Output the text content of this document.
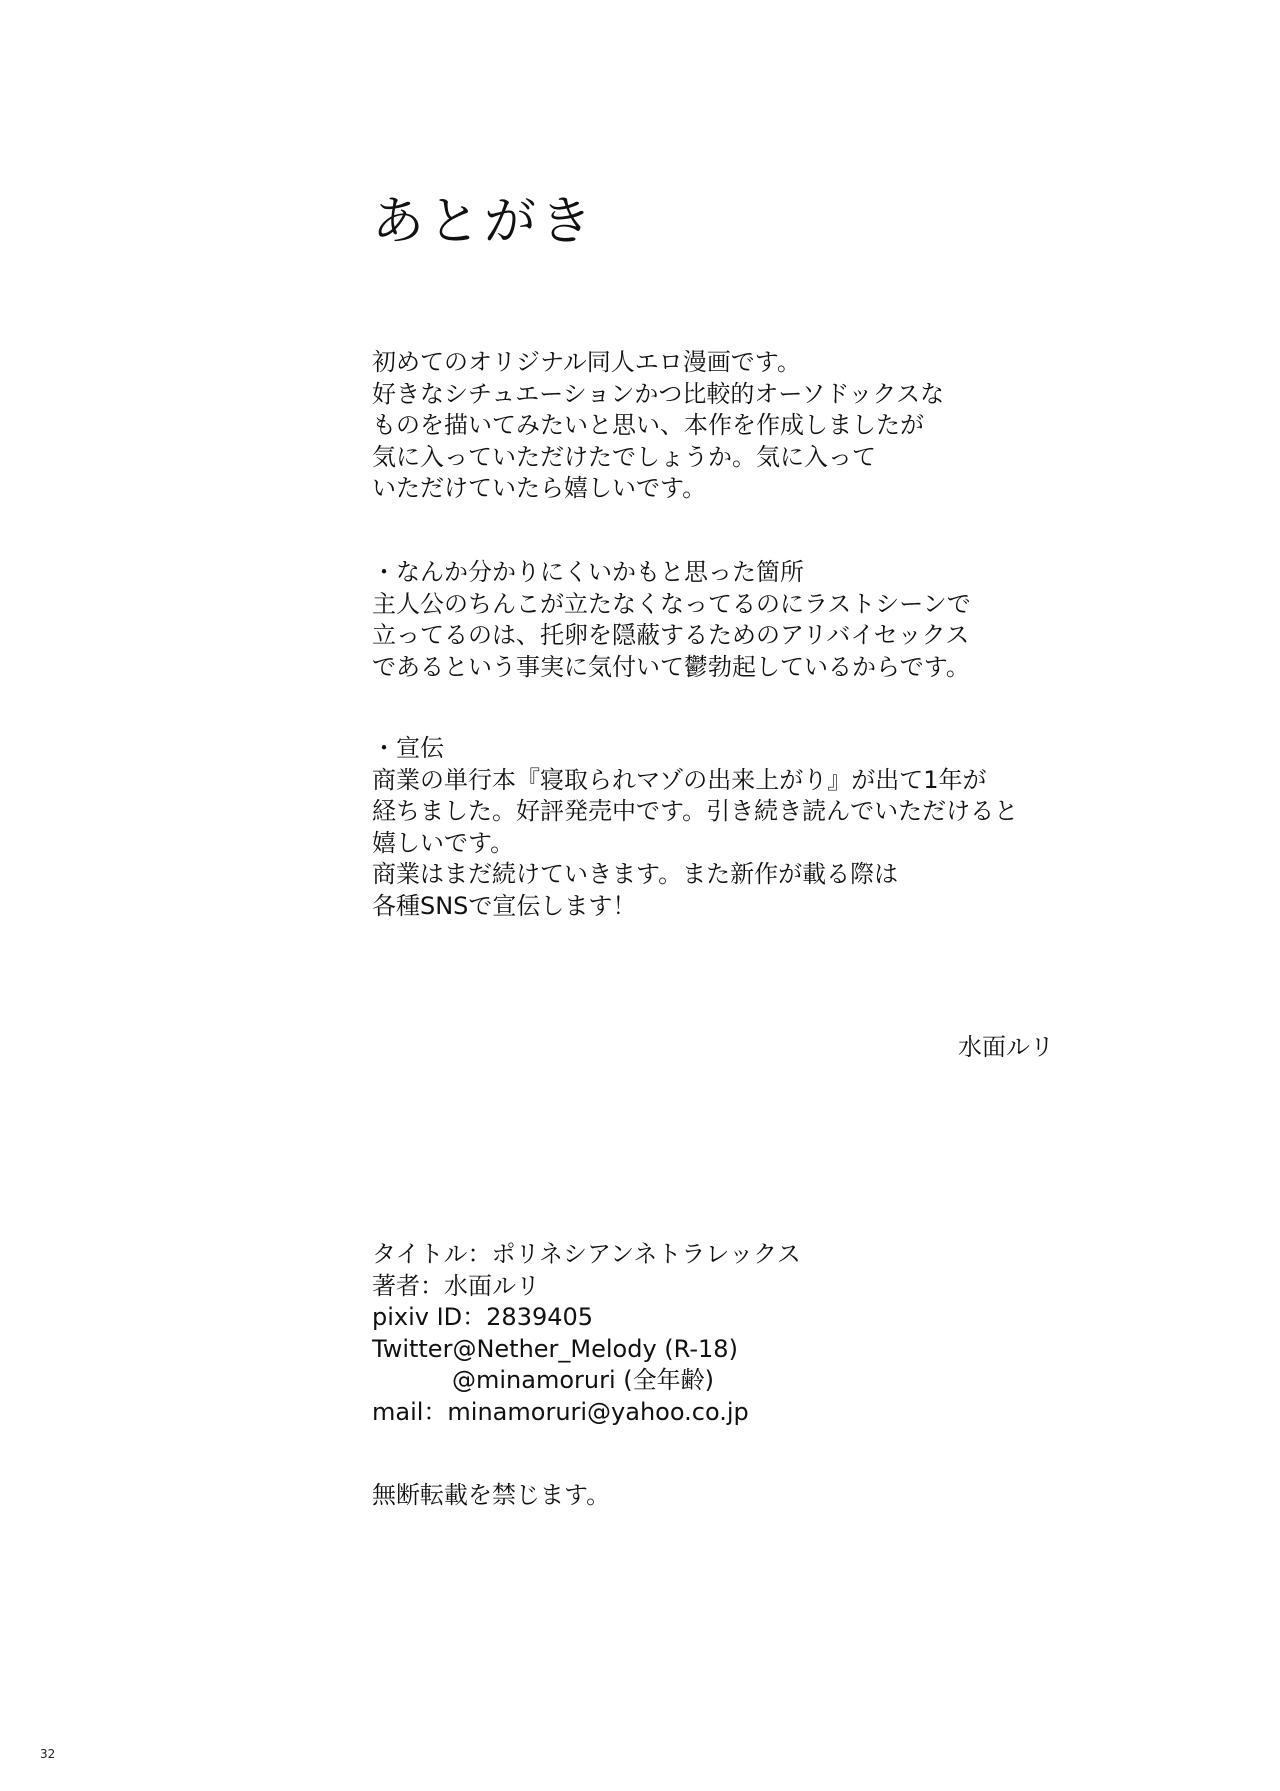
あとがき

初めてのオリジナル同人エロ漫画です。
好きなシチュエーションかつ比較的オーソドックスな
ものを描いてみたいと思い、本作を作成しましたが
気に入っていただけたでしょうか。気に入って
いただけていたら嬉しいです。

・なんか分かりにくいかもと思った箇所
主人公のちんこが立たなくなってるのにラストシーンで
立ってるのは、托卵を隠蔽するためのアリバイセックス
であるという事実に気付いて鬱勃起しているからです。

・宣伝
商業の単行本『寝取られマゾの出来上がり』が出て1年が
経ちました。好評発売中です。引き続き読んでいただけると
嬉しいです。
商業はまだ続けていきます。また新作が載る際は
各種SNSで宣伝します！

水面ルリ

タイトル：ポリネシアンネトラレックス
著者：水面ルリ
pixiv ID：2839405
Twitter@Nether_Melody (R-18)
@minamoruri (全年齢)
mail：minamoruri@yahoo.co.jp

無断転載を禁じます。

32
